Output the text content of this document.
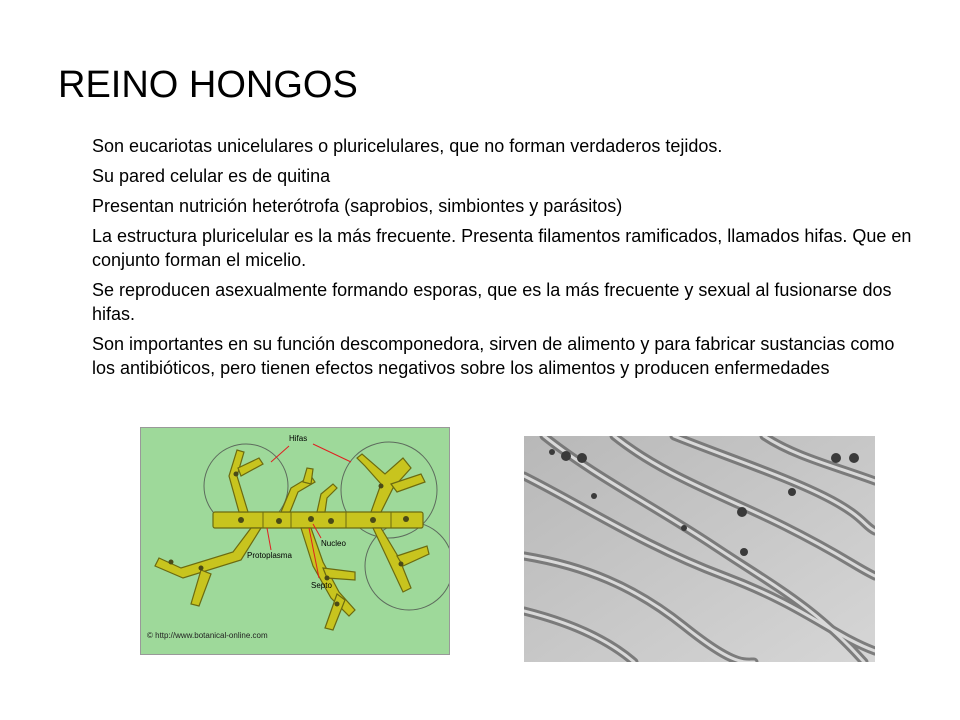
REINO HONGOS
Son eucariotas unicelulares o pluricelulares, que no forman verdaderos tejidos.
Su pared celular es de quitina
Presentan nutrición heterótrofa (saprobios, simbiontes y parásitos)
La estructura pluricelular es la más frecuente. Presenta filamentos ramificados, llamados hifas. Que en conjunto forman el micelio.
Se reproducen asexualmente formando esporas, que es la más frecuente y sexual al fusionarse dos hifas.
Son importantes en su función descomponedora, sirven de alimento y para fabricar sustancias como los antibióticos, pero tienen efectos negativos sobre los alimentos y producen enfermedades
Hifas
Nucleo
Protoplasma
Septo
© http://www.botanical-online.com
